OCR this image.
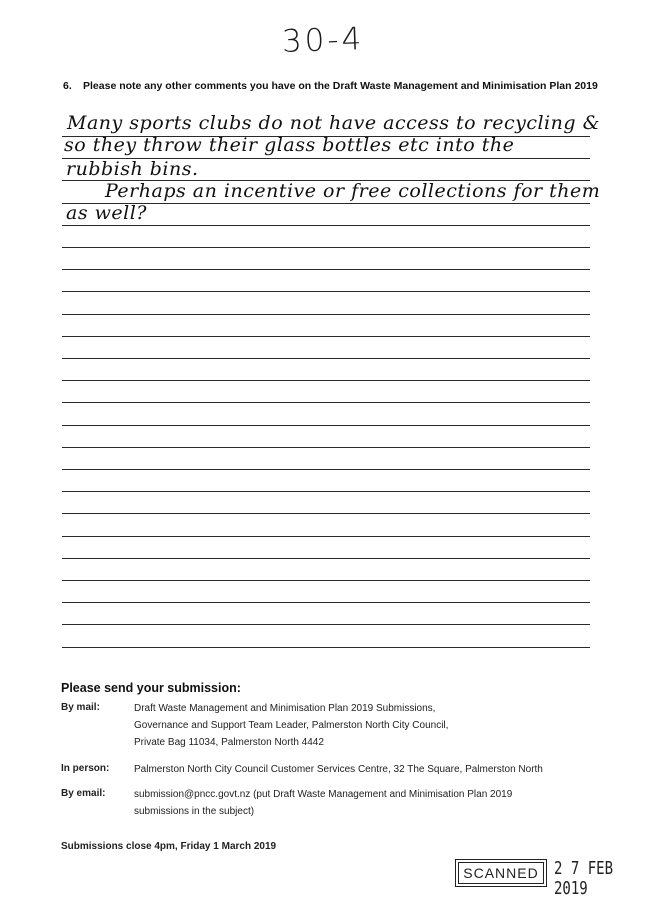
30-4
6. Please note any other comments you have on the Draft Waste Management and Minimisation Plan 2019
Many sports clubs do not have access to recycling &
so they throw their glass bottles etc into the
rubbish bins.
Perhaps an incentive or free collections for them
as well?
Please send your submission:
By mail:	Draft Waste Management and Minimisation Plan 2019 Submissions,
Governance and Support Team Leader, Palmerston North City Council,
Private Bag 11034, Palmerston North 4442
In person: Palmerston North City Council Customer Services Centre, 32 The Square, Palmerston North
By email:	submission@pncc.govt.nz (put Draft Waste Management and Minimisation Plan 2019
submissions in the subject)
Submissions close 4pm, Friday 1 March 2019
SCANNED	2 7 FEB 2019
